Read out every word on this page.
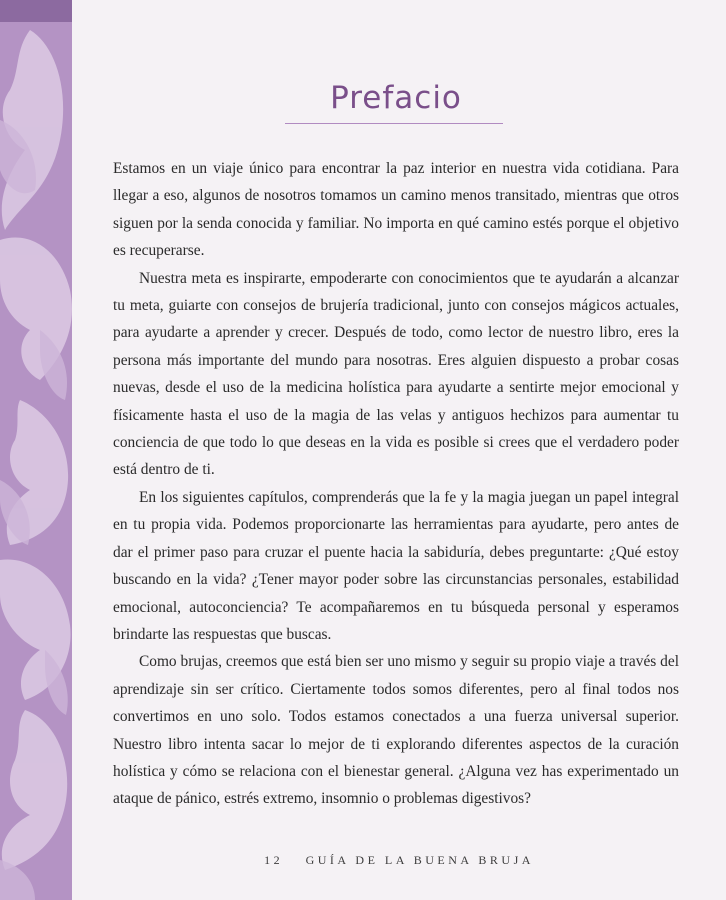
Prefacio

Estamos en un viaje único para encontrar la paz interior en nuestra vida cotidiana. Para llegar a eso, algunos de nosotros tomamos un camino menos transitado, mientras que otros siguen por la senda conocida y familiar. No importa en qué camino estés porque el objetivo es recuperarse.

Nuestra meta es inspirarte, empoderarte con conocimientos que te ayudarán a alcanzar tu meta, guiarte con consejos de brujería tradicional, junto con consejos mágicos actuales, para ayudarte a aprender y crecer. Después de todo, como lector de nuestro libro, eres la persona más importante del mundo para nosotras. Eres alguien dispuesto a probar cosas nuevas, desde el uso de la medicina holística para ayudarte a sentirte mejor emocional y físicamente hasta el uso de la magia de las velas y antiguos hechizos para aumentar tu conciencia de que todo lo que deseas en la vida es posible si crees que el verdadero poder está dentro de ti.

En los siguientes capítulos, comprenderás que la fe y la magia juegan un papel integral en tu propia vida. Podemos proporcionarte las herramientas para ayudarte, pero antes de dar el primer paso para cruzar el puente hacia la sabiduría, debes preguntarte: ¿Qué estoy buscando en la vida? ¿Tener mayor poder sobre las circunstancias personales, estabilidad emocional, autoconciencia? Te acompañaremos en tu búsqueda personal y esperamos brindarte las respuestas que buscas.

Como brujas, creemos que está bien ser uno mismo y seguir su propio viaje a través del aprendizaje sin ser crítico. Ciertamente todos somos diferentes, pero al final todos nos convertimos en uno solo. Todos estamos conectados a una fuerza universal superior. Nuestro libro intenta sacar lo mejor de ti explorando diferentes aspectos de la curación holística y cómo se relaciona con el bienestar general. ¿Alguna vez has experimentado un ataque de pánico, estrés extremo, insomnio o problemas digestivos?

12 GUÍA DE LA BUENA BRUJA
